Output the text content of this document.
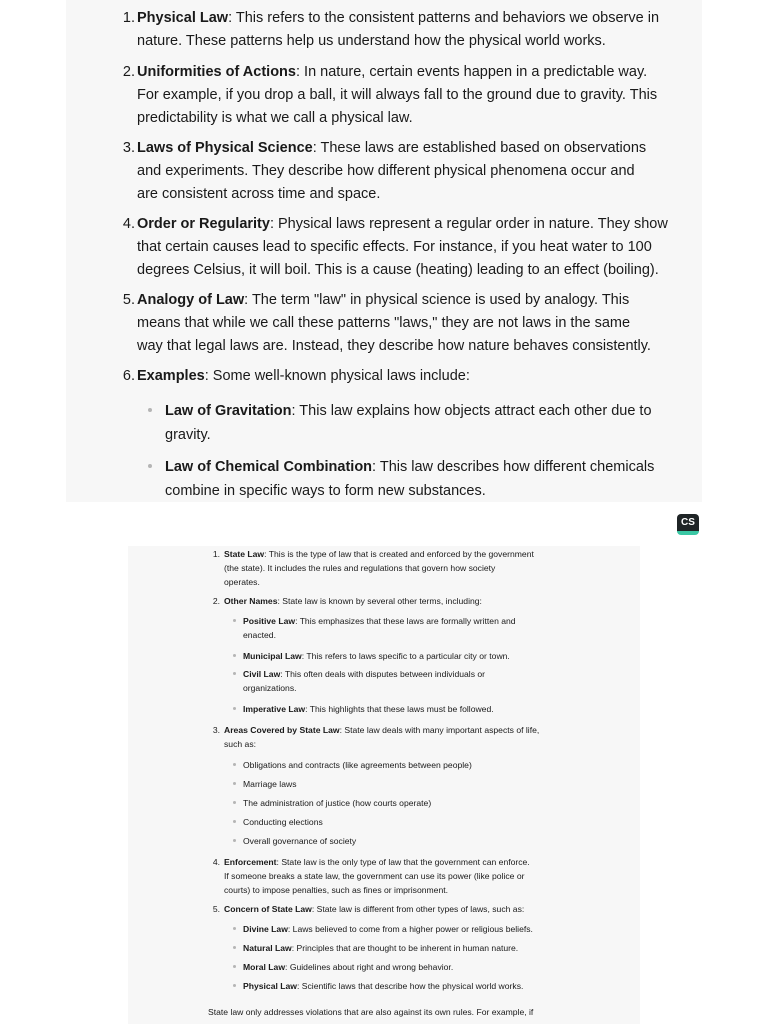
1. Physical Law: This refers to the consistent patterns and behaviors we observe in
nature. These patterns help us understand how the physical world works.
2. Uniformities of Actions: In nature, certain events happen in a predictable way.
For example, if you drop a ball, it will always fall to the ground due to gravity. This
predictability is what we call a physical law.
3. Laws of Physical Science: These laws are established based on observations
and experiments. They describe how different physical phenomena occur and
are consistent across time and space.
4. Order or Regularity: Physical laws represent a regular order in nature. They show
that certain causes lead to specific effects. For instance, if you heat water to 100
degrees Celsius, it will boil. This is a cause (heating) leading to an effect (boiling).
5. Analogy of Law: The term "law" in physical science is used by analogy. This
means that while we call these patterns "laws," they are not laws in the same
way that legal laws are. Instead, they describe how nature behaves consistently.
6. Examples: Some well-known physical laws include:
Law of Gravitation: This law explains how objects attract each other due to
gravity.
Law of Chemical Combination: This law describes how different chemicals
combine in specific ways to form new substances.
CS
1. State Law: This is the type of law that is created and enforced by the government
(the state). It includes the rules and regulations that govern how society
operates.
2. Other Names: State law is known by several other terms, including:
Positive Law: This emphasizes that these laws are formally written and
enacted.
Municipal Law: This refers to laws specific to a particular city or town.
Civil Law: This often deals with disputes between individuals or
organizations.
Imperative Law: This highlights that these laws must be followed.
3. Areas Covered by State Law: State law deals with many important aspects of life,
such as:
Obligations and contracts (like agreements between people)
Marriage laws
The administration of justice (how courts operate)
Conducting elections
Overall governance of society
4. Enforcement: State law is the only type of law that the government can enforce.
If someone breaks a state law, the government can use its power (like police or
courts) to impose penalties, such as fines or imprisonment.
5. Concern of State Law: State law is different from other types of laws, such as:
Divine Law: Laws believed to come from a higher power or religious beliefs.
Natural Law: Principles that are thought to be inherent in human nature.
Moral Law: Guidelines about right and wrong behavior.
Physical Law: Scientific laws that describe how the physical world works.
State law only addresses violations that are also against its own rules. For example, if
